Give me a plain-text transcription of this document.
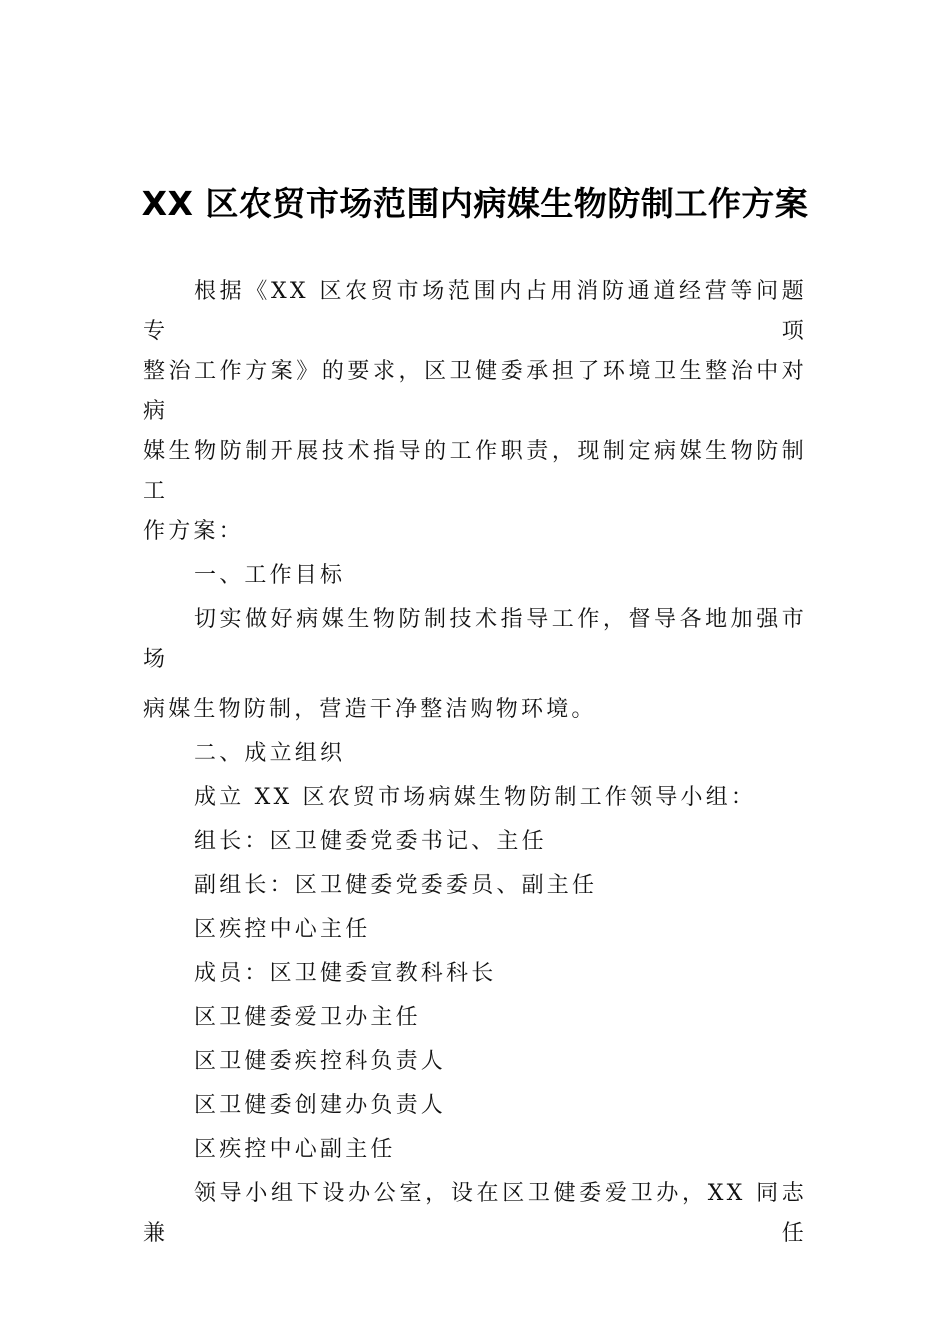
XX 区农贸市场范围内病媒生物防制工作方案

根据《XX 区农贸市场范围内占用消防通道经营等问题专项

整治工作方案》的要求，区卫健委承担了环境卫生整治中对病

媒生物防制开展技术指导的工作职责，现制定病媒生物防制工

作方案：

一、工作目标

切实做好病媒生物防制技术指导工作，督导各地加强市场

病媒生物防制，营造干净整洁购物环境。

二、成立组织

成立 XX 区农贸市场病媒生物防制工作领导小组：

组长：区卫健委党委书记、主任

副组长：区卫健委党委委员、副主任

区疾控中心主任

成员：区卫健委宣教科科长

区卫健委爱卫办主任

区卫健委疾控科负责人

区卫健委创建办负责人

区疾控中心副主任

领导小组下设办公室，设在区卫健委爱卫办，XX 同志兼任
